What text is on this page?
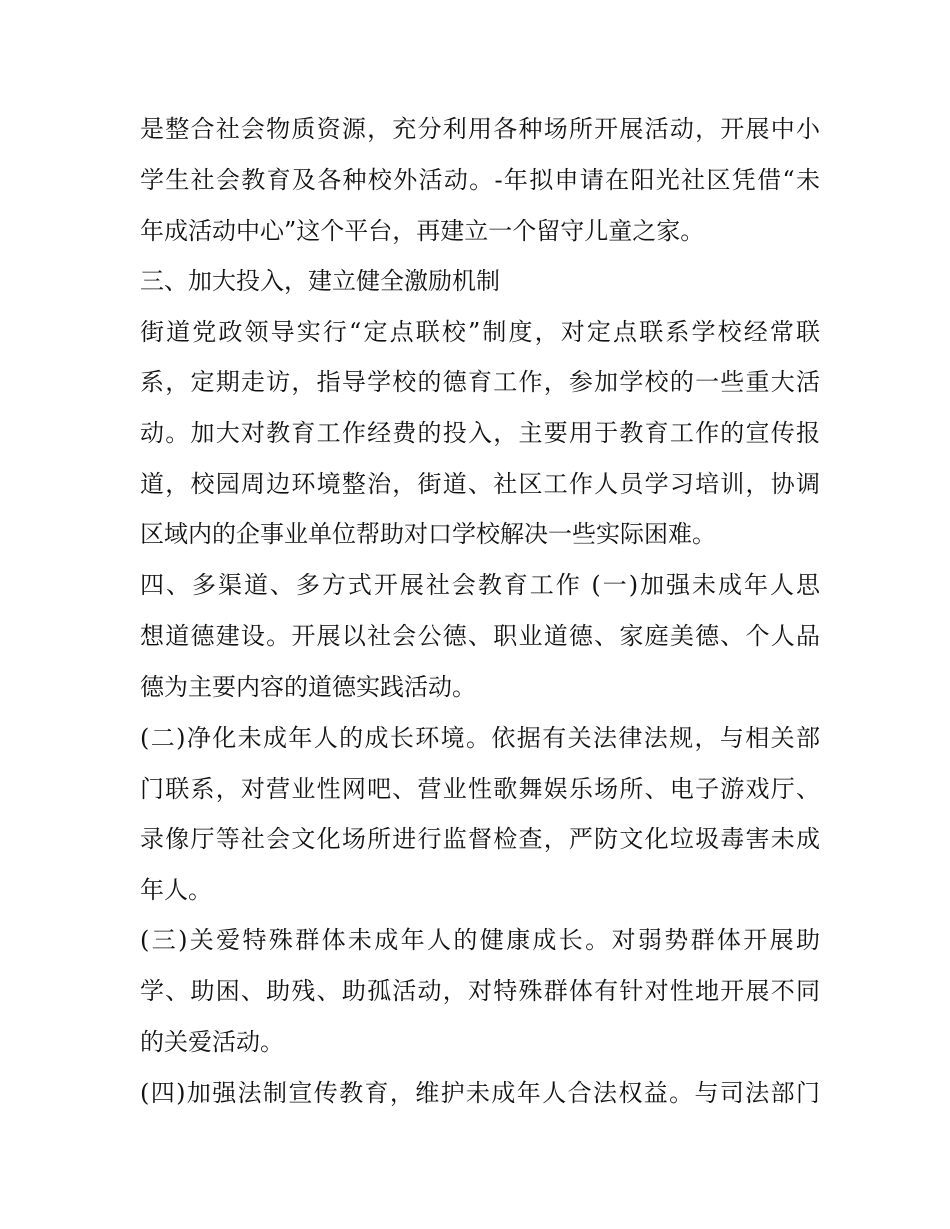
是整合社会物质资源，充分利用各种场所开展活动，开展中小
学生社会教育及各种校外活动。-年拟申请在阳光社区凭借“未
年成活动中心”这个平台，再建立一个留守儿童之家。
三、加大投入，建立健全激励机制
街道党政领导实行“定点联校”制度，对定点联系学校经常联
系，定期走访，指导学校的德育工作，参加学校的一些重大活
动。加大对教育工作经费的投入，主要用于教育工作的宣传报
道，校园周边环境整治，街道、社区工作人员学习培训，协调
区域内的企事业单位帮助对口学校解决一些实际困难。
四、多渠道、多方式开展社会教育工作 (一)加强未成年人思
想道德建设。开展以社会公德、职业道德、家庭美德、个人品
德为主要内容的道德实践活动。
(二)净化未成年人的成长环境。依据有关法律法规，与相关部
门联系，对营业性网吧、营业性歌舞娱乐场所、电子游戏厅、
录像厅等社会文化场所进行监督检查，严防文化垃圾毒害未成
年人。
(三)关爱特殊群体未成年人的健康成长。对弱势群体开展助
学、助困、助残、助孤活动，对特殊群体有针对性地开展不同
的关爱活动。
(四)加强法制宣传教育，维护未成年人合法权益。与司法部门
